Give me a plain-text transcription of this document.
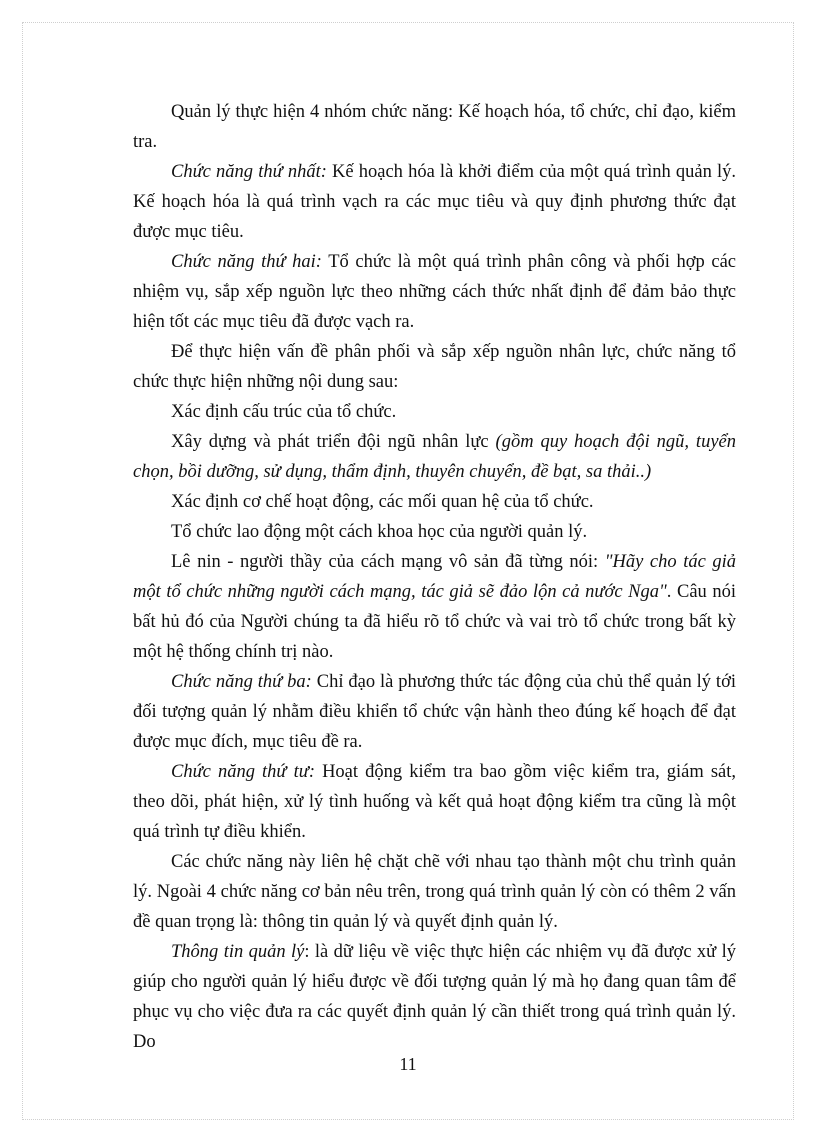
Quản lý thực hiện 4 nhóm chức năng: Kế hoạch hóa, tổ chức, chỉ đạo, kiểm tra.

Chức năng thứ nhất: Kế hoạch hóa là khởi điểm của một quá trình quản lý. Kế hoạch hóa là quá trình vạch ra các mục tiêu và quy định phương thức đạt được mục tiêu.

Chức năng thứ hai: Tổ chức là một quá trình phân công và phối hợp các nhiệm vụ, sắp xếp nguồn lực theo những cách thức nhất định để đảm bảo thực hiện tốt các mục tiêu đã được vạch ra.

Để thực hiện vấn đề phân phối và sắp xếp nguồn nhân lực, chức năng tổ chức thực hiện những nội dung sau:

Xác định cấu trúc của tổ chức.

Xây dựng và phát triển đội ngũ nhân lực (gồm quy hoạch đội ngũ, tuyển chọn, bồi dưỡng, sử dụng, thẩm định, thuyên chuyển, đề bạt, sa thải..)

Xác định cơ chế hoạt động, các mối quan hệ của tổ chức.

Tổ chức lao động một cách khoa học của người quản lý.

Lê nin - người thầy của cách mạng vô sản đã từng nói: "Hãy cho tác giả một tổ chức những người cách mạng, tác giả sẽ đảo lộn cả nước Nga". Câu nói bất hủ đó của Người chúng ta đã hiểu rõ tổ chức và vai trò tổ chức trong bất kỳ một hệ thống chính trị nào.

Chức năng thứ ba: Chỉ đạo là phương thức tác động của chủ thể quản lý tới đối tượng quản lý nhằm điều khiển tổ chức vận hành theo đúng kế hoạch để đạt được mục đích, mục tiêu đề ra.

Chức năng thứ tư: Hoạt động kiểm tra bao gồm việc kiểm tra, giám sát, theo dõi, phát hiện, xử lý tình huống và kết quả hoạt động kiểm tra cũng là một quá trình tự điều khiển.

Các chức năng này liên hệ chặt chẽ với nhau tạo thành một chu trình quản lý. Ngoài 4 chức năng cơ bản nêu trên, trong quá trình quản lý còn có thêm 2 vấn đề quan trọng là: thông tin quản lý và quyết định quản lý.

Thông tin quản lý: là dữ liệu về việc thực hiện các nhiệm vụ đã được xử lý giúp cho người quản lý hiểu được về đối tượng quản lý mà họ đang quan tâm để phục vụ cho việc đưa ra các quyết định quản lý cần thiết trong quá trình quản lý. Do

11
